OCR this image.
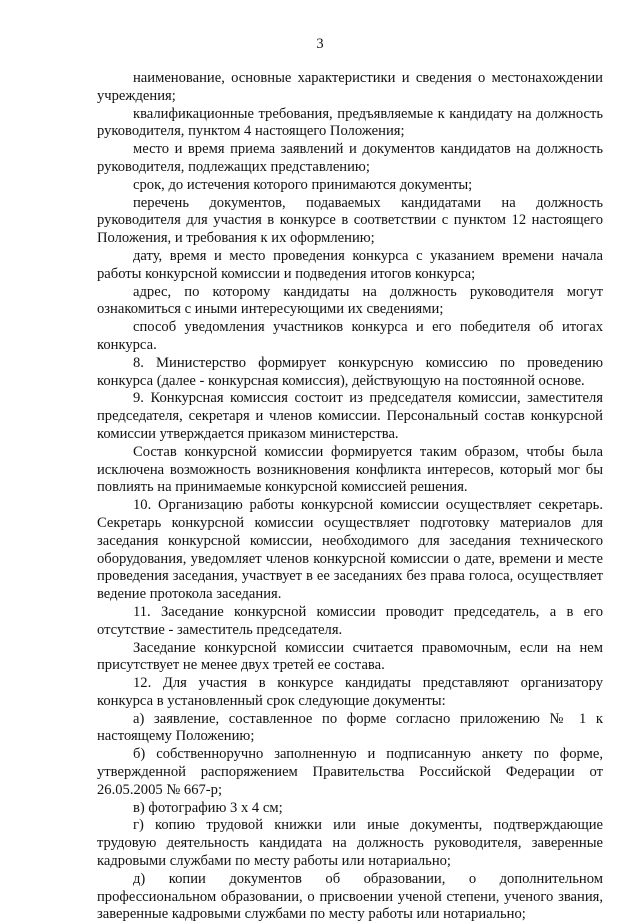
3

наименование, основные характеристики и сведения о местонахождении учреждения;

квалификационные требования, предъявляемые к кандидату на должность руководителя, пунктом 4 настоящего Положения;

место и время приема заявлений и документов кандидатов на должность руководителя, подлежащих представлению;

срок, до истечения которого принимаются документы;

перечень документов, подаваемых кандидатами на должность руководителя для участия в конкурсе в соответствии с пунктом 12 настоящего Положения, и требования к их оформлению;

дату, время и место проведения конкурса с указанием времени начала работы конкурсной комиссии и подведения итогов конкурса;

адрес, по которому кандидаты на должность руководителя могут ознакомиться с иными интересующими их сведениями;

способ уведомления участников конкурса и его победителя об итогах конкурса.

8. Министерство формирует конкурсную комиссию по проведению конкурса (далее - конкурсная комиссия), действующую на постоянной основе.

9. Конкурсная комиссия состоит из председателя комиссии, заместителя председателя, секретаря и членов комиссии. Персональный состав конкурсной комиссии утверждается приказом министерства.

Состав конкурсной комиссии формируется таким образом, чтобы была исключена возможность возникновения конфликта интересов, который мог бы повлиять на принимаемые конкурсной комиссией решения.

10. Организацию работы конкурсной комиссии осуществляет секретарь. Секретарь конкурсной комиссии осуществляет подготовку материалов для заседания конкурсной комиссии, необходимого для заседания технического оборудования, уведомляет членов конкурсной комиссии о дате, времени и месте проведения заседания, участвует в ее заседаниях без права голоса, осуществляет ведение протокола заседания.

11. Заседание конкурсной комиссии проводит председатель, а в его отсутствие - заместитель председателя.

Заседание конкурсной комиссии считается правомочным, если на нем присутствует не менее двух третей ее состава.

12. Для участия в конкурсе кандидаты представляют организатору конкурса в установленный срок следующие документы:

а) заявление, составленное по форме согласно приложению № 1 к настоящему Положению;

б) собственноручно заполненную и подписанную анкету по форме, утвержденной распоряжением Правительства Российской Федерации от 26.05.2005 № 667-р;

в) фотографию 3 х 4 см;

г) копию трудовой книжки или иные документы, подтверждающие трудовую деятельность кандидата на должность руководителя, заверенные кадровыми службами по месту работы или нотариально;

д) копии документов об образовании, о дополнительном профессиональном образовании, о присвоении ученой степени, ученого звания, заверенные кадровыми службами по месту работы или нотариально;
